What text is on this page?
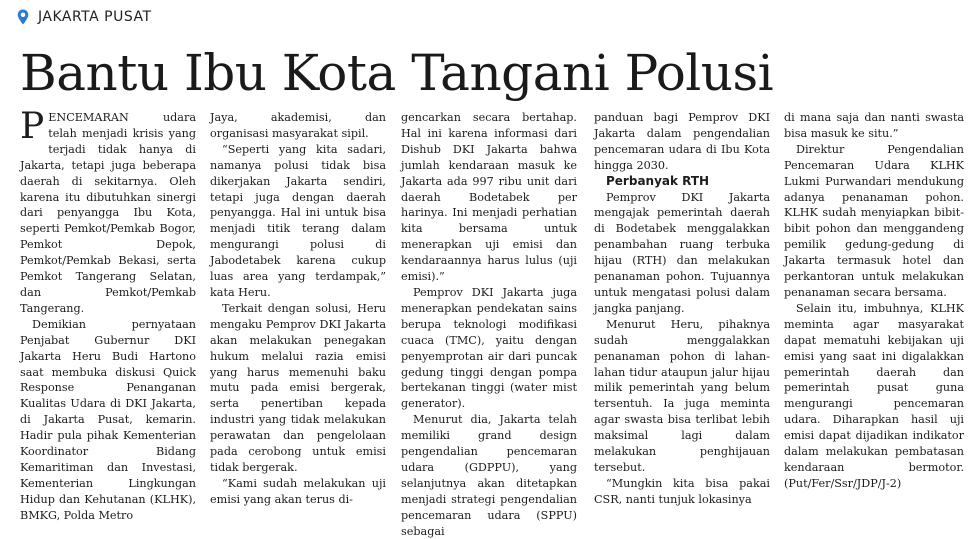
JAKARTA PUSAT
Bantu Ibu Kota Tangani Polusi

PENCEMARAN udara telah menjadi krisis yang terjadi tidak hanya di Jakarta, tetapi juga beberapa daerah di sekitarnya. Oleh karena itu dibutuhkan sinergi dari penyangga Ibu Kota, seperti Pemkot/Pemkab Bogor, Pemkot Depok, Pemkot/Pemkab Bekasi, serta Pemkot Tangerang Selatan, dan Pemkot/Pemkab Tangerang.

Demikian pernyataan Penjabat Gubernur DKI Jakarta Heru Budi Hartono saat membuka diskusi Quick Response Penanganan Kualitas Udara di DKI Jakarta, di Jakarta Pusat, kemarin. Hadir pula pihak Kementerian Koordinator Bidang Kemaritiman dan Investasi, Kementerian Lingkungan Hidup dan Kehutanan (KLHK), BMKG, Polda Metro

Jaya, akademisi, dan organisasi masyarakat sipil.

“Seperti yang kita sadari, namanya polusi tidak bisa dikerjakan Jakarta sendiri, tetapi juga dengan daerah penyangga. Hal ini untuk bisa menjadi titik terang dalam mengurangi polusi di Jabodetabek karena cukup luas area yang terdampak,” kata Heru.

Terkait dengan solusi, Heru mengaku Pemprov DKI Jakarta akan melakukan penegakan hukum melalui razia emisi yang harus memenuhi baku mutu pada emisi bergerak, serta penertiban kepada industri yang tidak melakukan perawatan dan pengelolaan pada cerobong untuk emisi tidak bergerak.

“Kami sudah melakukan uji emisi yang akan terus di-

gencarkan secara bertahap. Hal ini karena informasi dari Dishub DKI Jakarta bahwa jumlah kendaraan masuk ke Jakarta ada 997 ribu unit dari daerah Bodetabek per harinya. Ini menjadi perhatian kita bersama untuk menerapkan uji emisi dan kendaraannya harus lulus (uji emisi).”

Pemprov DKI Jakarta juga menerapkan pendekatan sains berupa teknologi modifikasi cuaca (TMC), yaitu dengan penyemprotan air dari puncak gedung tinggi dengan pompa bertekanan tinggi (water mist generator).

Menurut dia, Jakarta telah memiliki grand design pengendalian pencemaran udara (GDPPU), yang selanjutnya akan ditetapkan menjadi strategi pengendalian pencemaran udara (SPPU) sebagai

panduan bagi Pemprov DKI Jakarta dalam pengendalian pencemaran udara di Ibu Kota hingga 2030.

Perbanyak RTH

Pemprov DKI Jakarta mengajak pemerintah daerah di Bodetabek menggalakkan penambahan ruang terbuka hijau (RTH) dan melakukan penanaman pohon. Tujuannya untuk mengatasi polusi dalam jangka panjang.

Menurut Heru, pihaknya sudah menggalakkan penanaman pohon di lahan-lahan tidur ataupun jalur hijau milik pemerintah yang belum tersentuh. Ia juga meminta agar swasta bisa terlibat lebih maksimal lagi dalam melakukan penghijauan tersebut.

“Mungkin kita bisa pakai CSR, nanti tunjuk lokasinya

di mana saja dan nanti swasta bisa masuk ke situ.”

Direktur Pengendalian Pencemaran Udara KLHK Lukmi Purwandari mendukung adanya penanaman pohon. KLHK sudah menyiapkan bibit-bibit pohon dan menggandeng pemilik gedung-gedung di Jakarta termasuk hotel dan perkantoran untuk melakukan penanaman secara bersama.

Selain itu, imbuhnya, KLHK meminta agar masyarakat dapat mematuhi kebijakan uji emisi yang saat ini digalakkan pemerintah daerah dan pemerintah pusat guna mengurangi pencemaran udara. Diharapkan hasil uji emisi dapat dijadikan indikator dalam melakukan pembatasan kendaraan bermotor. (Put/Fer/Ssr/JDP/J-2)
